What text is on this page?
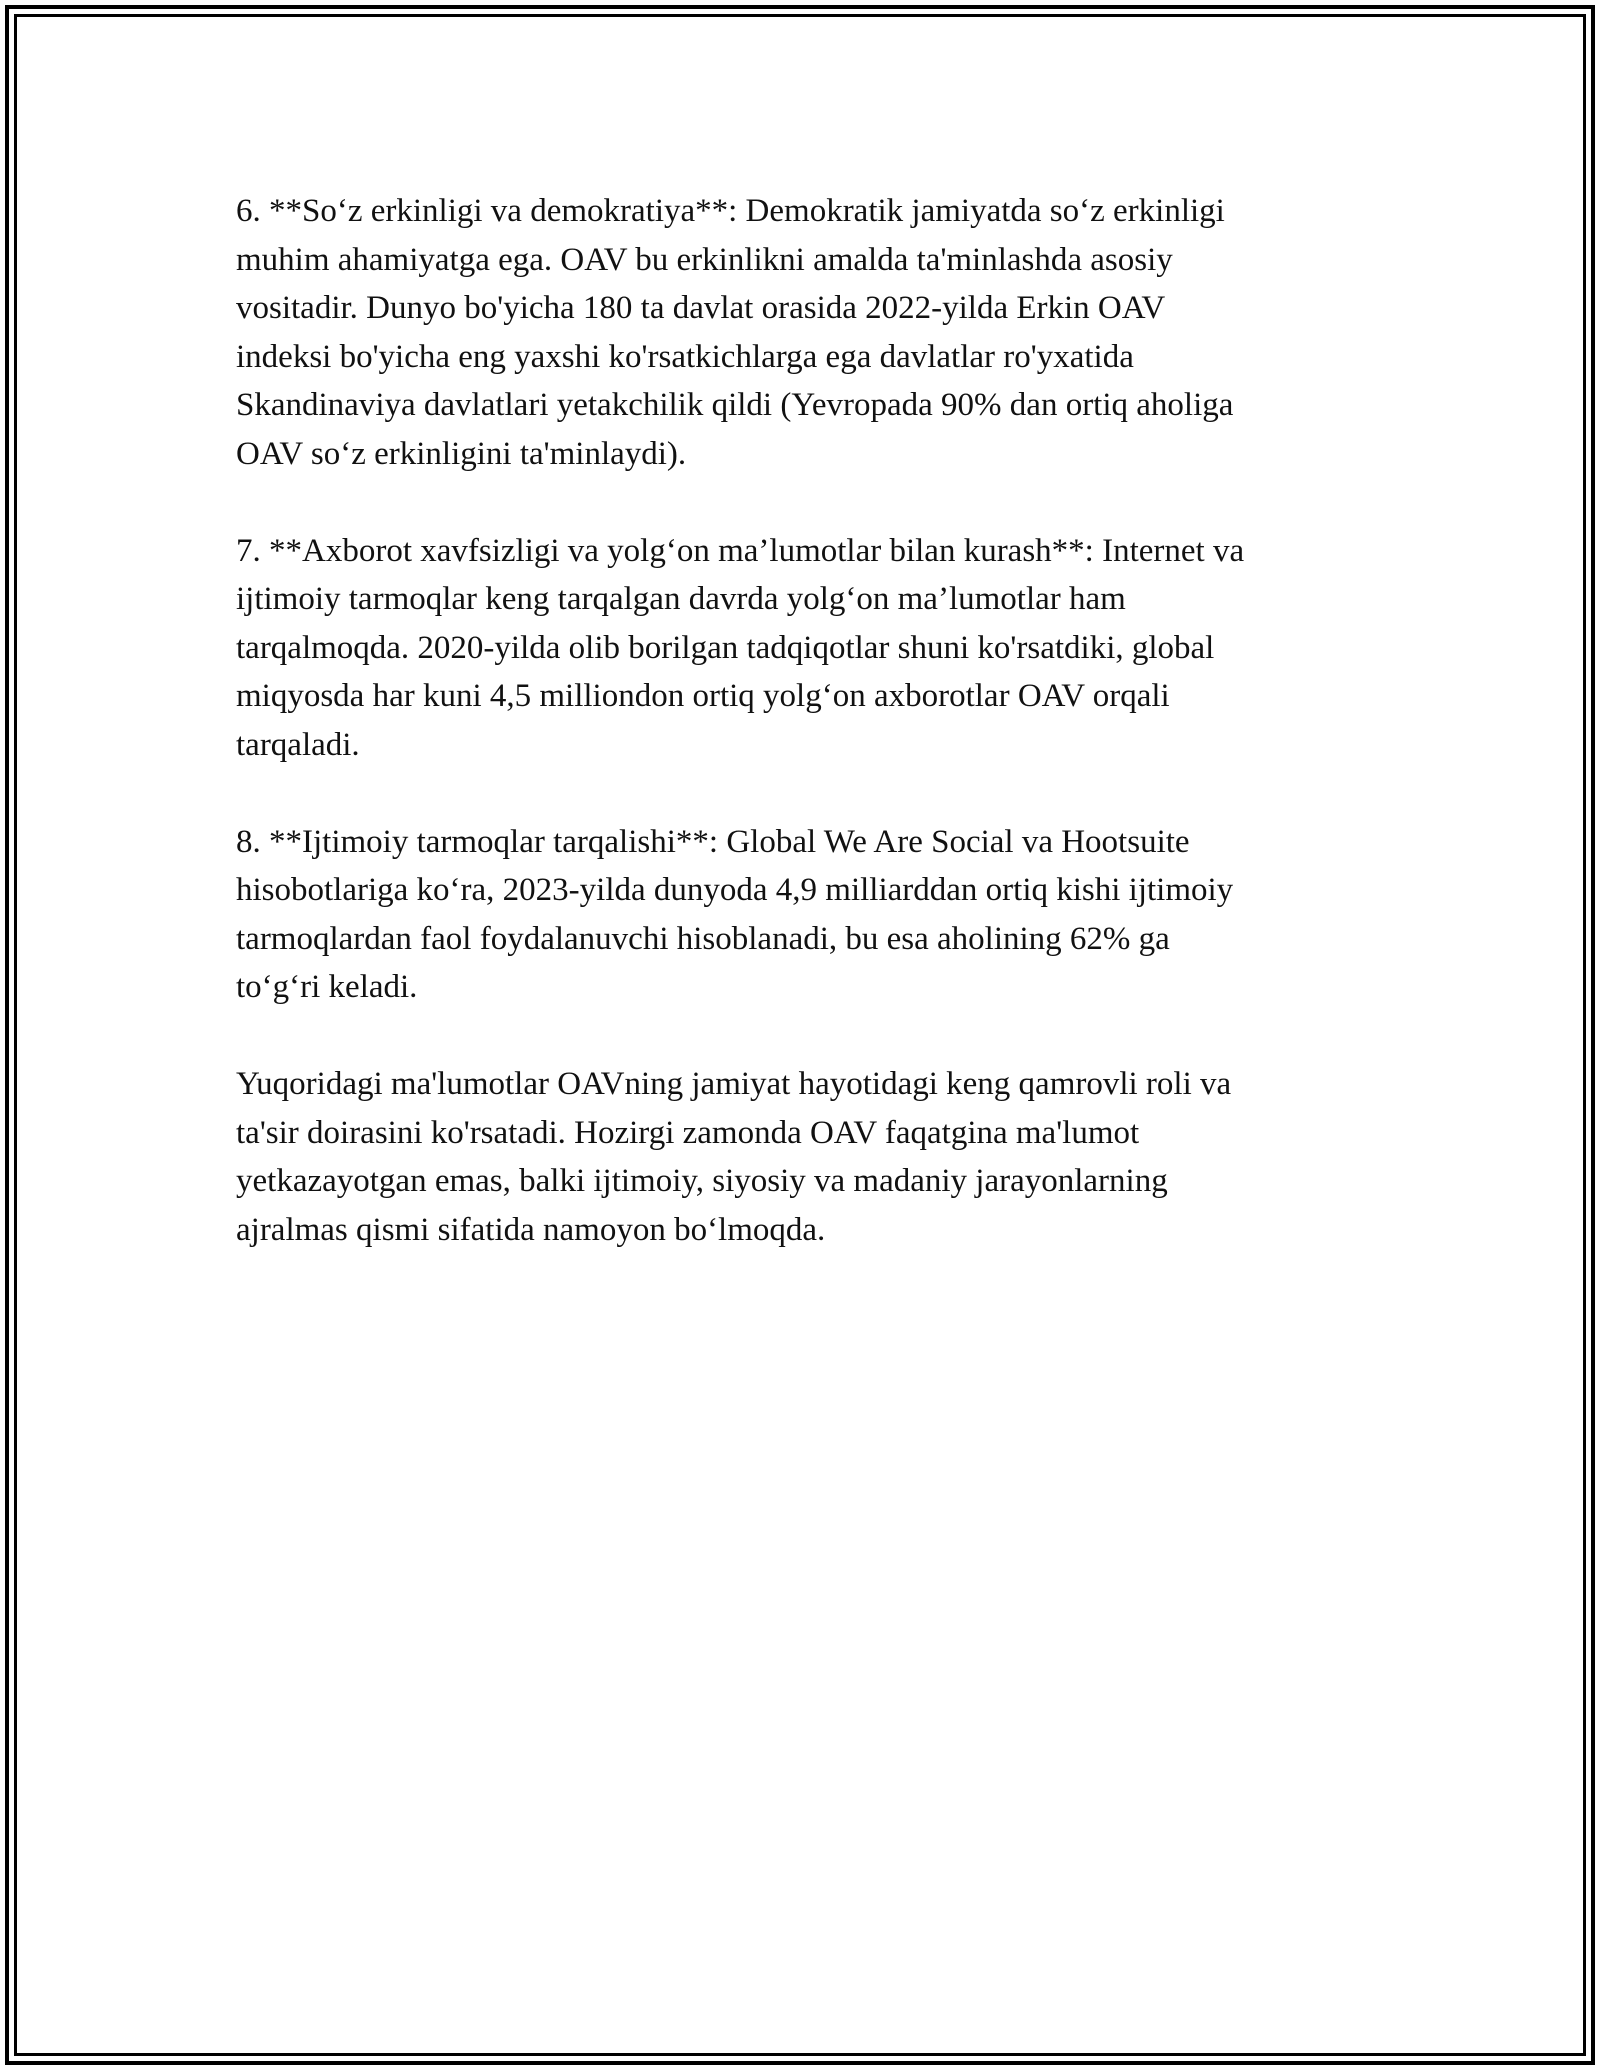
6. **So‘z erkinligi va demokratiya**: Demokratik jamiyatda so‘z erkinligi
muhim ahamiyatga ega. OAV bu erkinlikni amalda ta'minlashda asosiy
vositadir. Dunyo bo'yicha 180 ta davlat orasida 2022-yilda Erkin OAV
indeksi bo'yicha eng yaxshi ko'rsatkichlarga ega davlatlar ro'yxatida
Skandinaviya davlatlari yetakchilik qildi (Yevropada 90% dan ortiq aholiga
OAV so‘z erkinligini ta'minlaydi).

7. **Axborot xavfsizligi va yolg‘on ma’lumotlar bilan kurash**: Internet va
ijtimoiy tarmoqlar keng tarqalgan davrda yolg‘on ma’lumotlar ham
tarqalmoqda. 2020-yilda olib borilgan tadqiqotlar shuni ko'rsatdiki, global
miqyosda har kuni 4,5 milliondon ortiq yolg‘on axborotlar OAV orqali
tarqaladi.

8. **Ijtimoiy tarmoqlar tarqalishi**: Global We Are Social va Hootsuite
hisobotlariga ko‘ra, 2023-yilda dunyoda 4,9 milliarddan ortiq kishi ijtimoiy
tarmoqlardan faol foydalanuvchi hisoblanadi, bu esa aholining 62% ga
to‘g‘ri keladi.

Yuqoridagi ma'lumotlar OAVning jamiyat hayotidagi keng qamrovli roli va
ta'sir doirasini ko'rsatadi. Hozirgi zamonda OAV faqatgina ma'lumot
yetkazayotgan emas, balki ijtimoiy, siyosiy va madaniy jarayonlarning
ajralmas qismi sifatida namoyon bo‘lmoqda.
